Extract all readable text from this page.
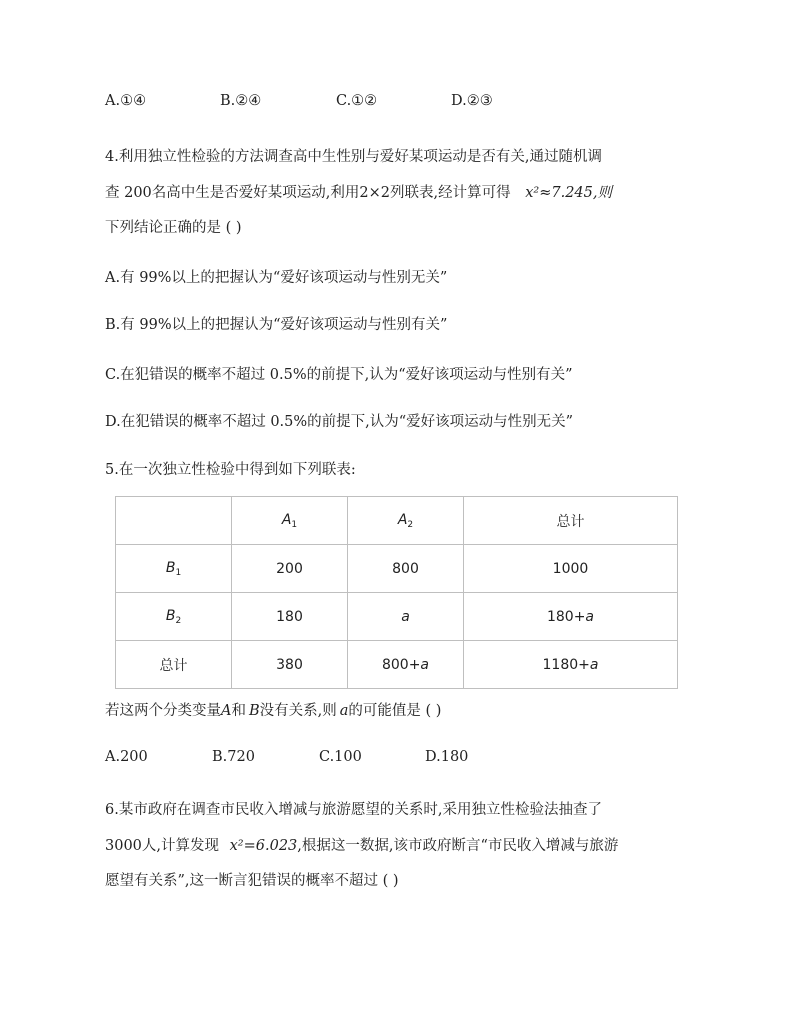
A.①④	B.②④	C.①②	D.②③
4.利用独立性检验的方法调查高中生性别与爱好某项运动是否有关,通过随机调
查 200名高中生是否爱好某项运动,利用2×2列联表,经计算可得 x²≈7.245,则
下列结论正确的是 ( )
A.有 99%以上的把握认为“爱好该项运动与性别无关”
B.有 99%以上的把握认为“爱好该项运动与性别有关”
C.在犯错误的概率不超过 0.5%的前提下,认为“爱好该项运动与性别有关”
D.在犯错误的概率不超过 0.5%的前提下,认为“爱好该项运动与性别无关”
5.在一次独立性检验中得到如下列联表:
	$A_1$	$A_2$	总计
$B_1$	200	800	1000
$B_2$	180	a	180+a
总计	380	800+a	1180+a
若这两个分类变量A和 B没有关系,则 a的可能值是 ( )
A.200	B.720	C.100	D.180
6.某市政府在调查市民收入增减与旅游愿望的关系时,采用独立性检验法抽查了
3000人,计算发现 x²=6.023,根据这一数据,该市政府断言“市民收入增减与旅游
愿望有关系”,这一断言犯错误的概率不超过 ( )
